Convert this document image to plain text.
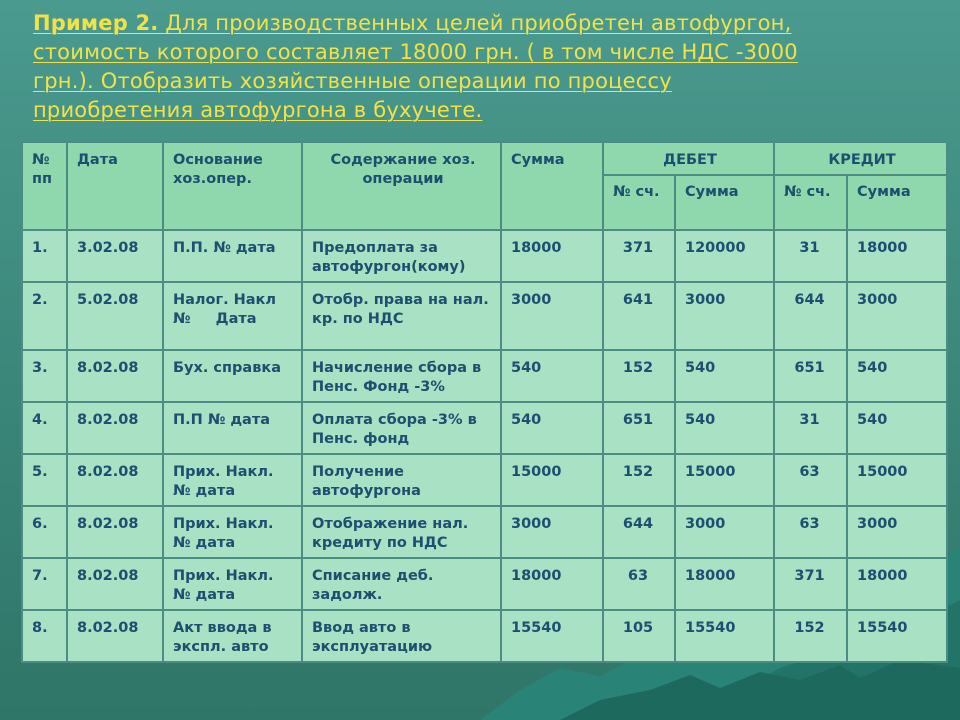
Пример 2. Для производственных целей приобретен автофургон,
стоимость которого составляет 18000 грн. ( в том числе НДС -3000
грн.). Отобразить хозяйственные операции по процессу
приобретения автофургона в бухучете.
№ пп	Дата	Основание хоз.опер.	Содержание хоз. операции	Сумма	ДЕБЕТ		КРЕДИТ	
					№ сч.	Сумма	№ сч.	Сумма
1.	3.02.08	П.П. № дата	Предоплата за автофургон(кому)	18000	371	120000	31	18000
2.	5.02.08	Налог. Накл №     Дата	Отобр. права на нал. кр. по НДС	3000	641	3000	644	3000
3.	8.02.08	Бух. справка	Начисление сбора в Пенс. Фонд -3%	540	152	540	651	540
4.	8.02.08	П.П № дата	Оплата сбора -3% в Пенс. фонд	540	651	540	31	540
5.	8.02.08	Прих. Накл. № дата	Получение автофургона	15000	152	15000	63	15000
6.	8.02.08	Прих. Накл. № дата	Отображение нал. кредиту по НДС	3000	644	3000	63	3000
7.	8.02.08	Прих. Накл. № дата	Списание деб. задолж.	18000	63	18000	371	18000
8.	8.02.08	Акт ввода в экспл. авто	Ввод авто в эксплуатацию	15540	105	15540	152	15540
